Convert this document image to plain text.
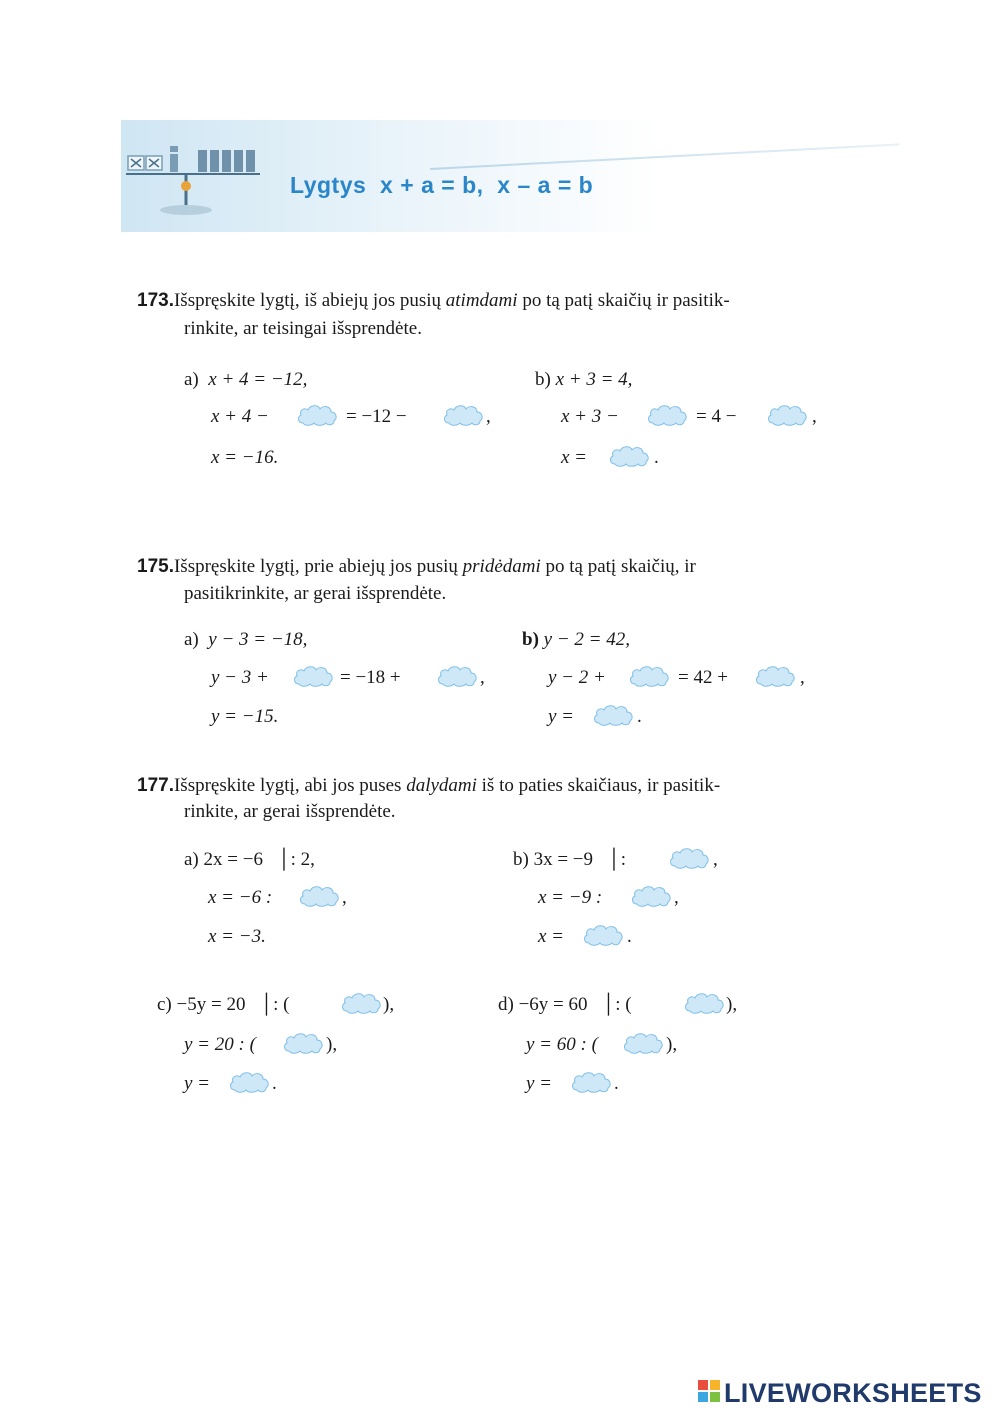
Lygtys  x + a = b,  x – a = b
173.Išspręskite lygtį, iš abiejų jos pusių atimdami po tą patį skaičių ir pasitik-
rinkite, ar teisingai išsprendėte.
a) x + 4 = −12,
x + 4 −	= −12 −	,
x = −16.
b) x + 3 = 4,
x + 3 −	= 4 −	,
x =	.
175.Išspręskite lygtį, prie abiejų jos pusių pridėdami po tą patį skaičių, ir
pasitikrinkite, ar gerai išsprendėte.
a) y − 3 = −18,
y − 3 +	= −18 +	,
y = −15.
b) y − 2 = 42,
y − 2 +	= 42 +	,
y =	.
177.Išspręskite lygtį, abi jos puses dalydami iš to paties skaičiaus, ir pasitik-
rinkite, ar gerai išsprendėte.
a) 2x = −6   │: 2,
x = −6 :	,
x = −3.
b) 3x = −9   │:	,
x = −9 :	,
x =	.
c) −5y = 20   │: (	),
y = 20 : (	),
y =	.
d) −6y = 60   │: (	),
y = 60 : (	),
y =	.
LIVEWORKSHEETS
